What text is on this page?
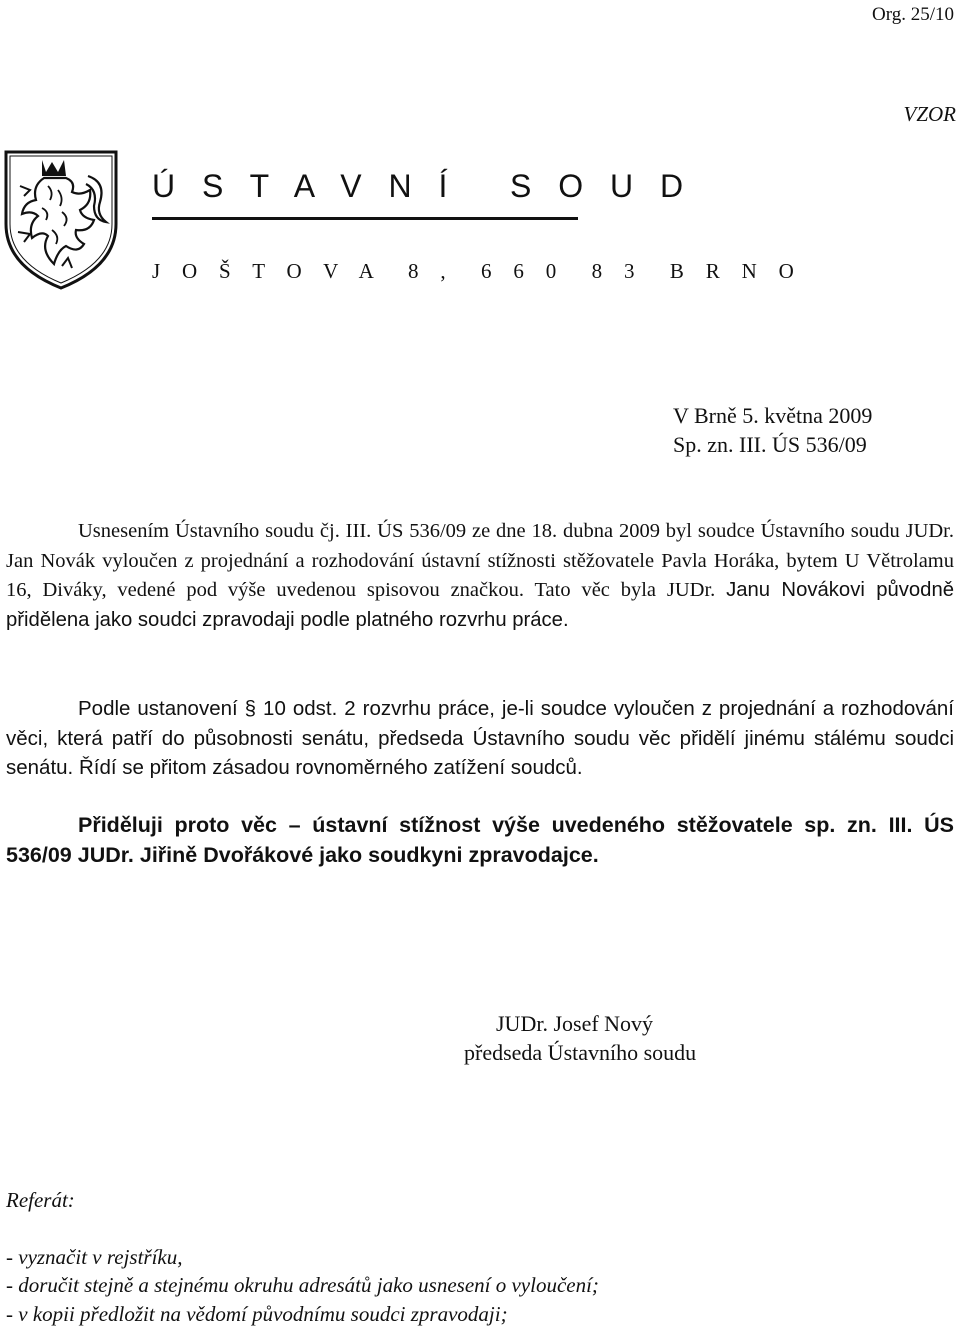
Org. 25/10
VZOR
Ú S T A V N Í   S O U D
J O Š T O V A  8 ,  6 6 0  8 3  B R N O
V Brně 5. května 2009
Sp. zn. III. ÚS 536/09
Usnesením Ústavního soudu čj. III. ÚS 536/09 ze dne 18. dubna 2009 byl soudce Ústavního soudu JUDr. Jan Novák vyloučen z projednání a rozhodování ústavní stížnosti stěžovatele Pavla Horáka, bytem U Větrolamu 16, Diváky, vedené pod výše uvedenou spisovou značkou. Tato věc byla JUDr. Janu Novákovi původně přidělena jako soudci zpravodaji podle platného rozvrhu práce.
Podle ustanovení § 10 odst. 2 rozvrhu práce, je-li soudce vyloučen z projednání a rozhodování věci, která patří do působnosti senátu, předseda Ústavního soudu věc přidělí jinému stálému soudci senátu. Řídí se přitom zásadou rovnoměrného zatížení soudců.
Přiděluji proto věc – ústavní stížnost výše uvedeného stěžovatele sp. zn. III. ÚS 536/09 JUDr. Jiřině Dvořákové jako soudkyni zpravodajce.
JUDr. Josef Nový
předseda Ústavního soudu
Referát:
- vyznačit v rejstříku,
- doručit stejně a stejnému okruhu adresátů jako usnesení o vyloučení;
- v kopii předložit na vědomí původnímu soudci zpravodaji;
